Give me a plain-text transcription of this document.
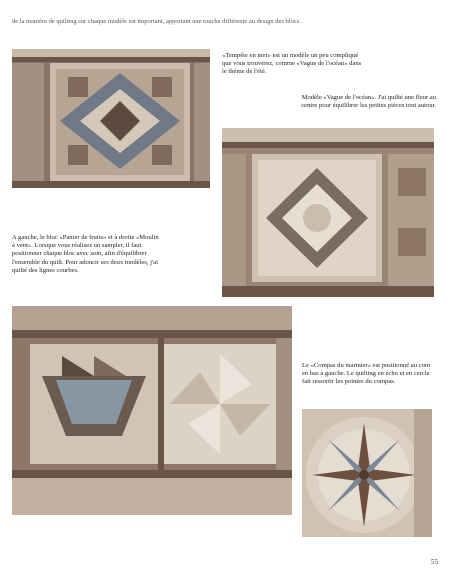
de la manière de quilting sur chaque modèle est important, apportant une touche différente au design des blocs.
«Tempête en mer» est un modèle un peu compliqué que vous trouverez, comme «Vague de l'océan» dans le thème de l'été.
Modèle «Vague de l'océan». J'ai quilté une fleur au centre pour équilibrer les petites pièces tout autour.
A gauche, le bloc «Panier de fruits» et à droite «Moulin à vent». Lorsque vous réalisez un sampler, il faut positionner chaque bloc avec soin, afin d'équilibrer l'ensemble du quilt. Pour adoucir ses deux modèles, j'ai quilté des lignes courbes.
Le «Compas du marinier» est positionné au coin en bas à gauche. Le quilting en écho et en cercle fait ressortir les pointes du compas.
55
